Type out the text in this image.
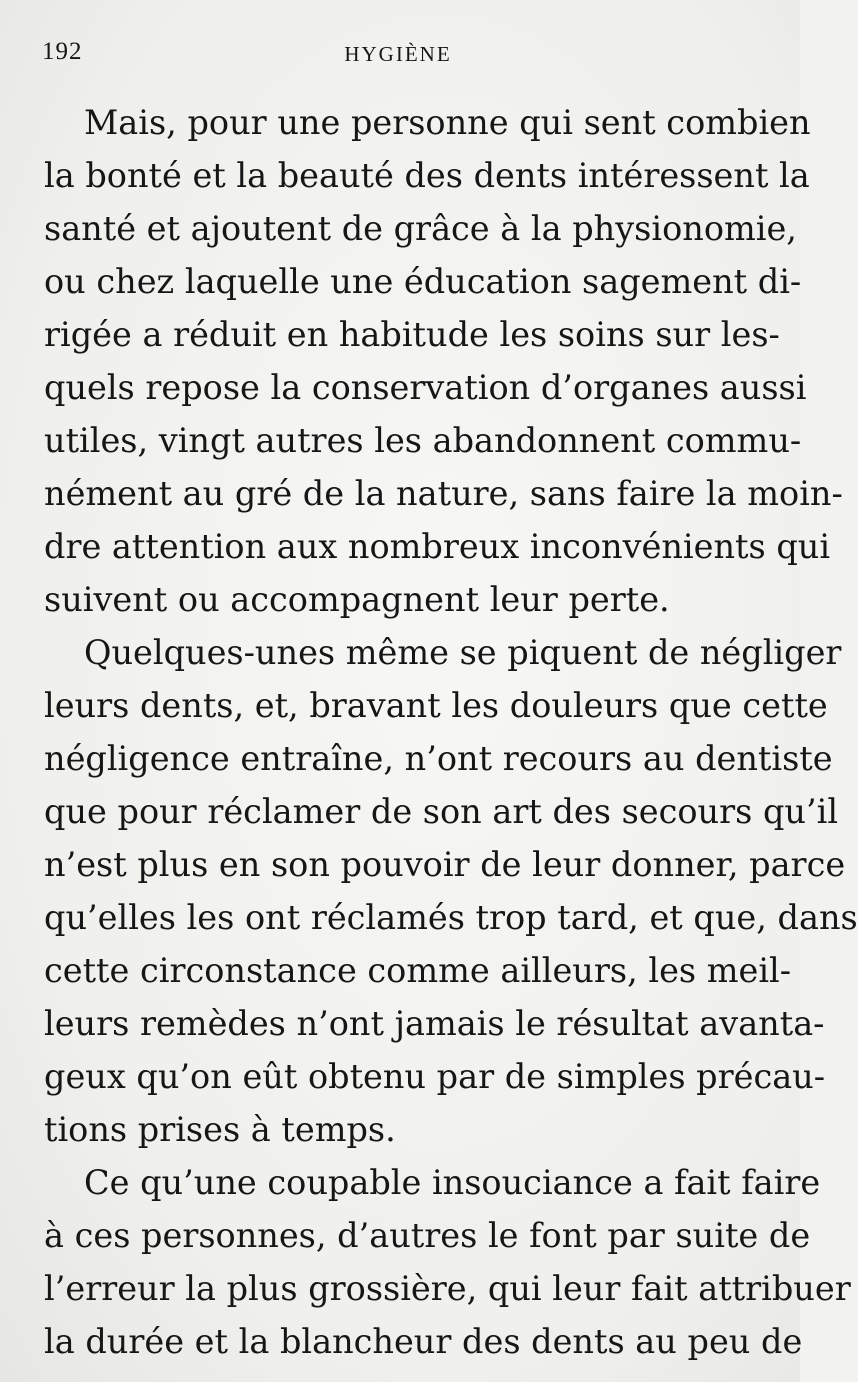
192	HYGIÈNE
Mais, pour une personne qui sent combien
la bonté et la beauté des dents intéressent la
santé et ajoutent de grâce à la physionomie,
ou chez laquelle une éducation sagement di-
rigée a réduit en habitude les soins sur les-
quels repose la conservation d’organes aussi
utiles, vingt autres les abandonnent commu-
nément au gré de la nature, sans faire la moin-
dre attention aux nombreux inconvénients qui
suivent ou accompagnent leur perte.
Quelques-unes même se piquent de négliger
leurs dents, et, bravant les douleurs que cette
négligence entraîne, n’ont recours au dentiste
que pour réclamer de son art des secours qu’il
n’est plus en son pouvoir de leur donner, parce
qu’elles les ont réclamés trop tard, et que, dans
cette circonstance comme ailleurs, les meil-
leurs remèdes n’ont jamais le résultat avanta-
geux qu’on eût obtenu par de simples précau-
tions prises à temps.
Ce qu’une coupable insouciance a fait faire
à ces personnes, d’autres le font par suite de
l’erreur la plus grossière, qui leur fait attribuer
la durée et la blancheur des dents au peu de
